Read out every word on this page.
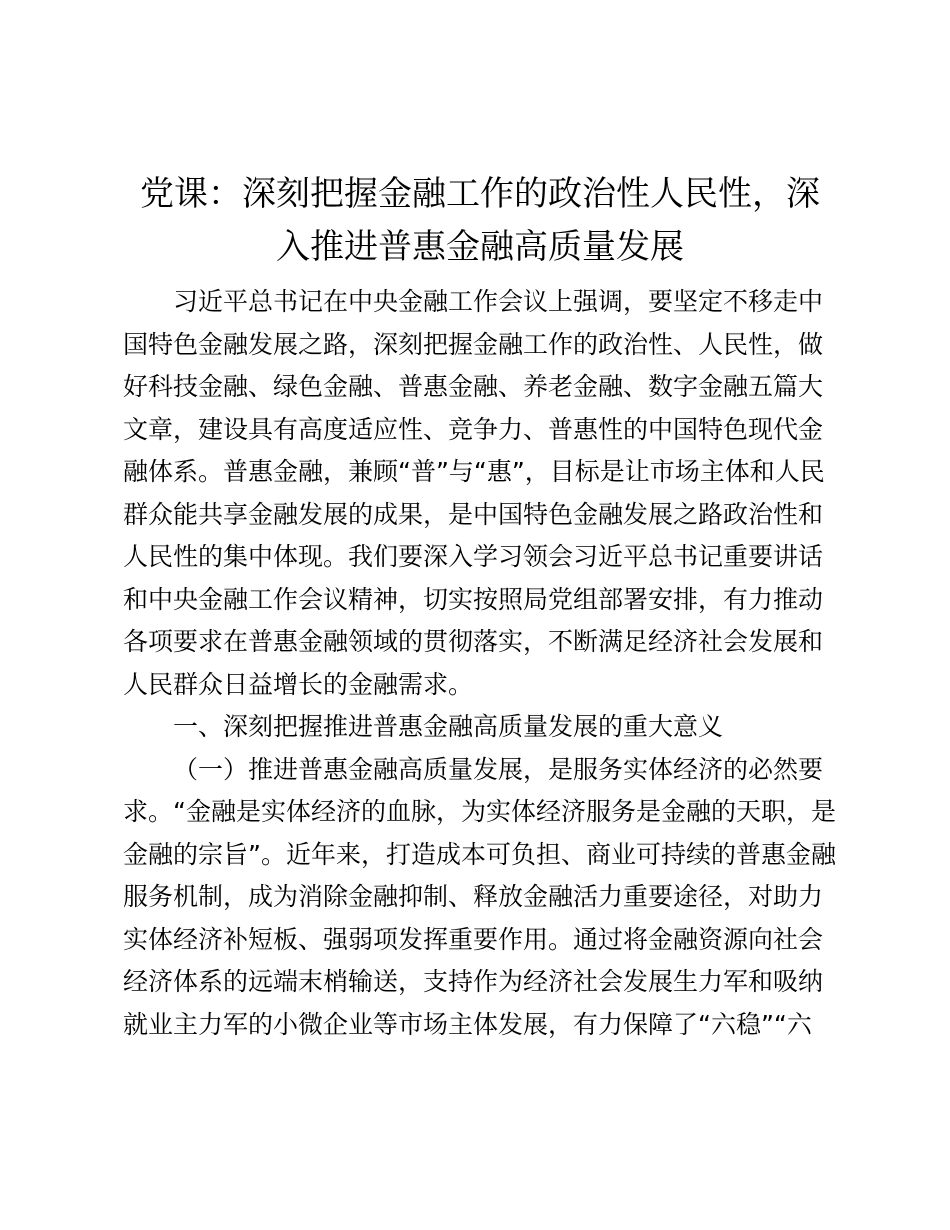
党课：深刻把握金融工作的政治性人民性，深
入推进普惠金融高质量发展
习近平总书记在中央金融工作会议上强调，要坚定不移走中
国特色金融发展之路，深刻把握金融工作的政治性、人民性，做
好科技金融、绿色金融、普惠金融、养老金融、数字金融五篇大
文章，建设具有高度适应性、竞争力、普惠性的中国特色现代金
融体系。普惠金融，兼顾“普”与“惠”，目标是让市场主体和人民
群众能共享金融发展的成果，是中国特色金融发展之路政治性和
人民性的集中体现。我们要深入学习领会习近平总书记重要讲话
和中央金融工作会议精神，切实按照局党组部署安排，有力推动
各项要求在普惠金融领域的贯彻落实，不断满足经济社会发展和
人民群众日益增长的金融需求。
一、深刻把握推进普惠金融高质量发展的重大意义
（一）推进普惠金融高质量发展，是服务实体经济的必然要
求。“金融是实体经济的血脉，为实体经济服务是金融的天职，是
金融的宗旨”。近年来，打造成本可负担、商业可持续的普惠金融
服务机制，成为消除金融抑制、释放金融活力重要途径，对助力
实体经济补短板、强弱项发挥重要作用。通过将金融资源向社会
经济体系的远端末梢输送，支持作为经济社会发展生力军和吸纳
就业主力军的小微企业等市场主体发展，有力保障了“六稳”“六
